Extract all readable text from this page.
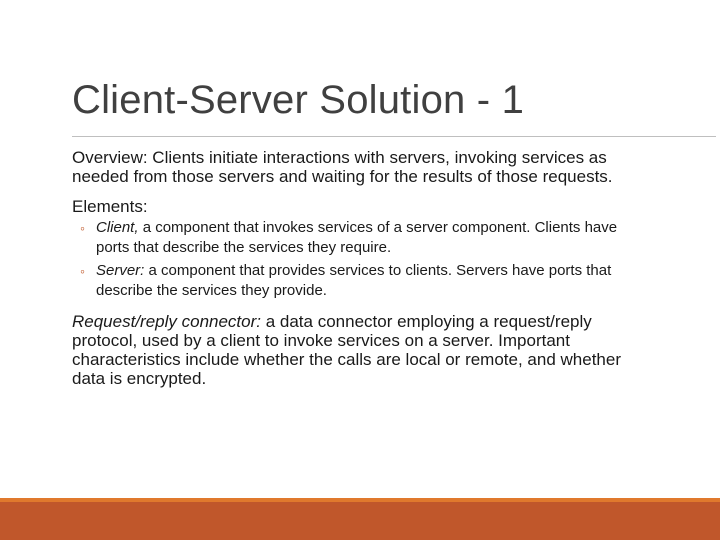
Client-Server Solution - 1

Overview: Clients initiate interactions with servers, invoking services as needed from those servers and waiting for the results of those requests.

Elements:

◦ Client, a component that invokes services of a server component. Clients have ports that describe the services they require.
◦ Server: a component that provides services to clients. Servers have ports that describe the services they provide.

Request/reply connector: a data connector employing a request/reply protocol, used by a client to invoke services on a server. Important characteristics include whether the calls are local or remote, and whether data is encrypted.
